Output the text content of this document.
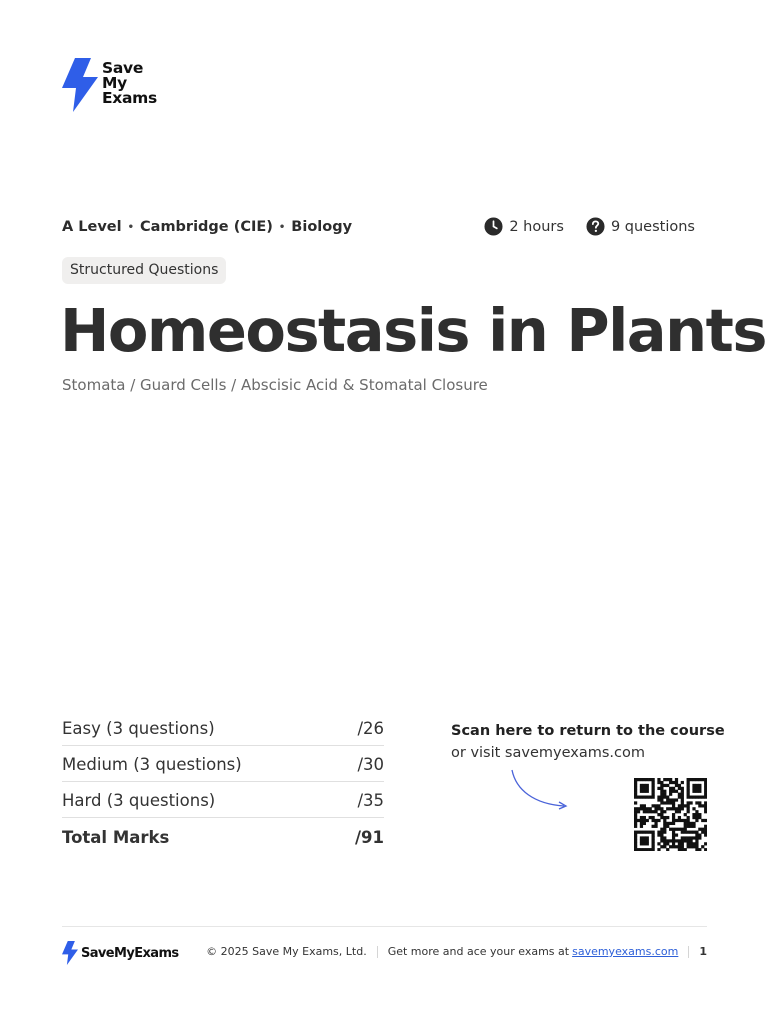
Save
My
Exams
A Level • Cambridge (CIE) • Biology	2 hours	9 questions
Structured Questions
Homeostasis in Plants
Stomata / Guard Cells / Abscisic Acid & Stomatal Closure
Easy (3 questions)	/26
Medium (3 questions)	/30
Hard (3 questions)	/35
Total Marks	/91
Scan here to return to the course
or visit savemyexams.com
SaveMyExams	© 2025 Save My Exams, Ltd. Get more and ace your exams at savemyexams.com 1
